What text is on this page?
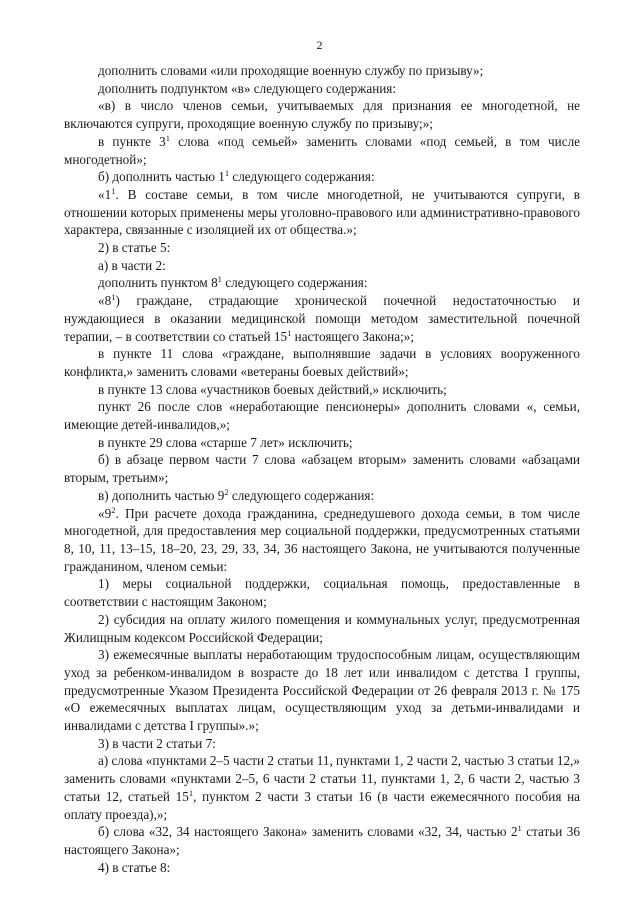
2

дополнить словами «или проходящие военную службу по призыву»;

дополнить подпунктом «в» следующего содержания:

«в) в число членов семьи, учитываемых для признания ее многодетной, не включаются супруги, проходящие военную службу по призыву;»;

в пункте $3^1$ слова «под семьей» заменить словами «под семьей, в том числе многодетной»;

б) дополнить частью $1^1$ следующего содержания:

«$1^1$. В составе семьи, в том числе многодетной, не учитываются супруги, в отношении которых применены меры уголовно-правового или административно-правового характера, связанные с изоляцией их от общества.»;

2) в статье 5:

а) в части 2:

дополнить пунктом $8^1$ следующего содержания:

«$8^1$) граждане, страдающие хронической почечной недостаточностью и нуждающиеся в оказании медицинской помощи методом заместительной почечной терапии, – в соответствии со статьей $15^1$ настоящего Закона;»;

в пункте 11 слова «граждане, выполнявшие задачи в условиях вооруженного конфликта,» заменить словами «ветераны боевых действий»;

в пункте 13 слова «участников боевых действий,» исключить;

пункт 26 после слов «неработающие пенсионеры» дополнить словами «, семьи, имеющие детей-инвалидов,»;

в пункте 29 слова «старше 7 лет» исключить;

б) в абзаце первом части 7 слова «абзацем вторым» заменить словами «абзацами вторым, третьим»;

в) дополнить частью $9^2$ следующего содержания:

«$9^2$. При расчете дохода гражданина, среднедушевого дохода семьи, в том числе многодетной, для предоставления мер социальной поддержки, предусмотренных статьями 8, 10, 11, 13–15, 18–20, 23, 29, 33, 34, 36 настоящего Закона, не учитываются полученные гражданином, членом семьи:

1) меры социальной поддержки, социальная помощь, предоставленные в соответствии с настоящим Законом;

2) субсидия на оплату жилого помещения и коммунальных услуг, предусмотренная Жилищным кодексом Российской Федерации;

3) ежемесячные выплаты неработающим трудоспособным лицам, осуществляющим уход за ребенком-инвалидом в возрасте до 18 лет или инвалидом с детства I группы, предусмотренные Указом Президента Российской Федерации от 26 февраля 2013 г. № 175 «О ежемесячных выплатах лицам, осуществляющим уход за детьми-инвалидами и инвалидами с детства I группы».»;

3) в части 2 статьи 7:

а) слова «пунктами 2–5 части 2 статьи 11, пунктами 1, 2 части 2, частью 3 статьи 12,» заменить словами «пунктами 2–5, 6 части 2 статьи 11, пунктами 1, 2, 6 части 2, частью 3 статьи 12, статьей $15^1$, пунктом 2 части 3 статьи 16 (в части ежемесячного пособия на оплату проезда),»;

б) слова «32, 34 настоящего Закона» заменить словами «32, 34, частью $2^1$ статьи 36 настоящего Закона»;

4) в статье 8:
